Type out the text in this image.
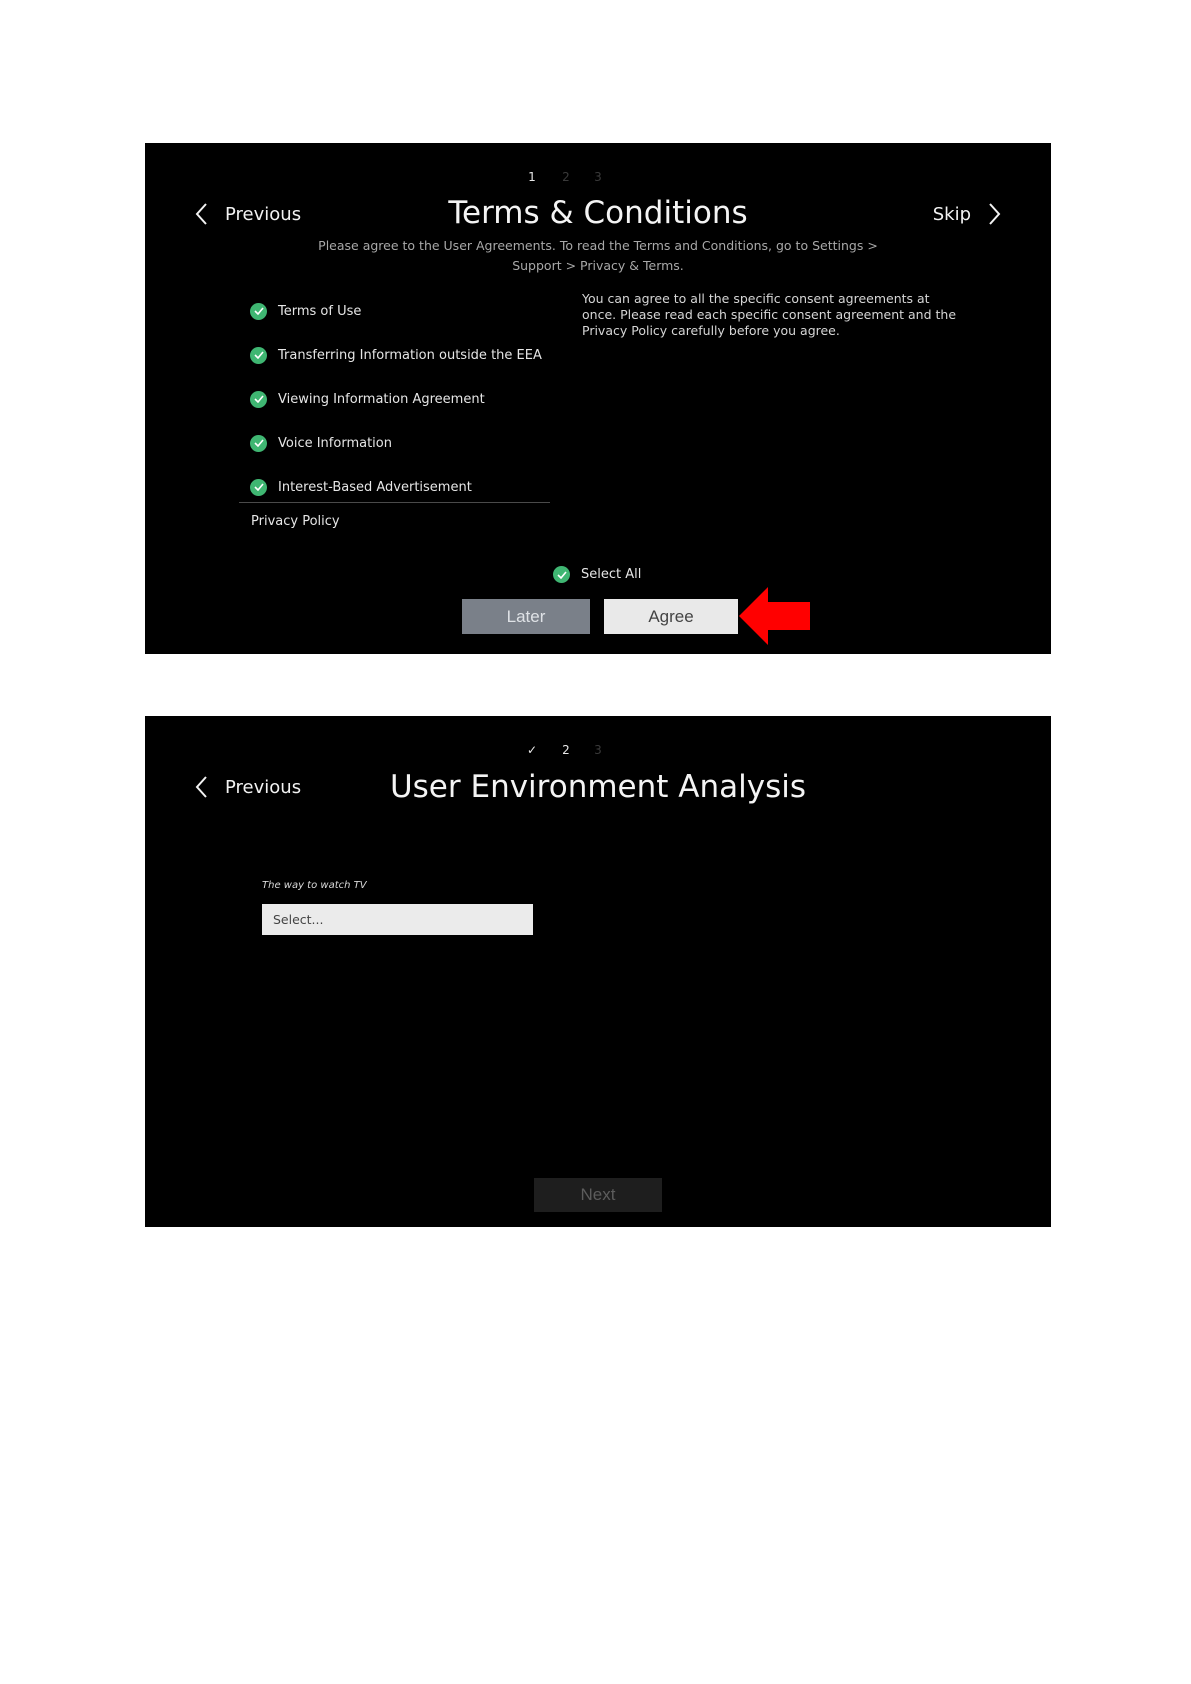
1	2	3
Previous	Terms & Conditions	Skip
Please agree to the User Agreements. To read the Terms and Conditions, go to Settings > Support > Privacy & Terms.
Terms of Use
Transferring Information outside the EEA
Viewing Information Agreement
Voice Information
Interest-Based Advertisement
Privacy Policy
You can agree to all the specific consent agreements at once. Please read each specific consent agreement and the Privacy Policy carefully before you agree.
Select All
Later	Agree
✓	2	3
Previous	User Environment Analysis
The way to watch TV
Select...
Next
